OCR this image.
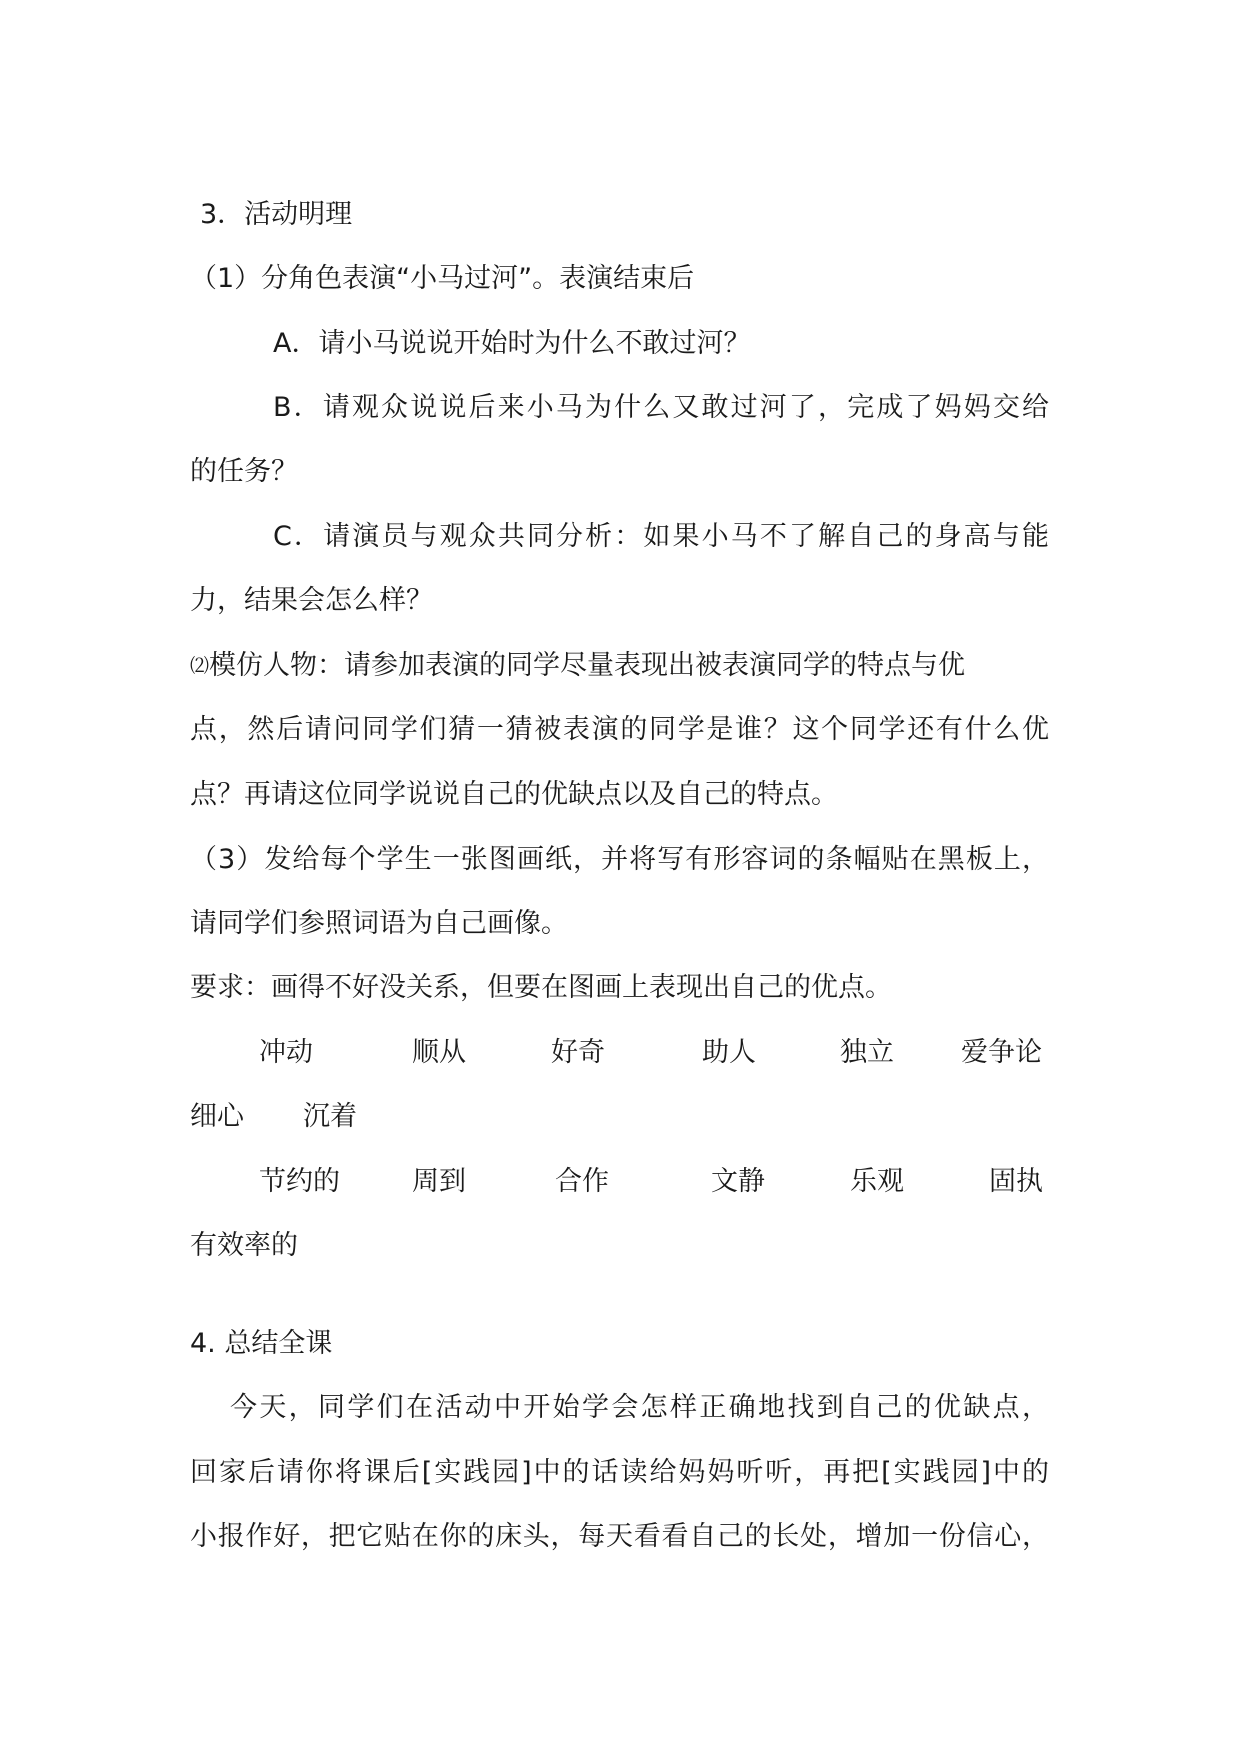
3．活动明理
（1）分角色表演“小马过河”。表演结束后
A．请小马说说开始时为什么不敢过河？
B．请观众说说后来小马为什么又敢过河了，完成了妈妈交给
的任务？
C．请演员与观众共同分析：如果小马不了解自己的身高与能
力，结果会怎么样？
⑵模仿人物：请参加表演的同学尽量表现出被表演同学的特点与优
点，然后请问同学们猜一猜被表演的同学是谁？这个同学还有什么优
点？再请这位同学说说自己的优缺点以及自己的特点。
（3）发给每个学生一张图画纸，并将写有形容词的条幅贴在黑板上，
请同学们参照词语为自己画像。
要求：画得不好没关系，但要在图画上表现出自己的优点。
冲动	顺从	好奇	助人	独立 爱争论
细心 沉着
节约的	周到	合作	文静	乐观	固执
有效率的
4. 总结全课
今天，同学们在活动中开始学会怎样正确地找到自己的优缺点，
回家后请你将课后[实践园]中的话读给妈妈听听，再把[实践园]中的
小报作好，把它贴在你的床头，每天看看自己的长处，增加一份信心，
